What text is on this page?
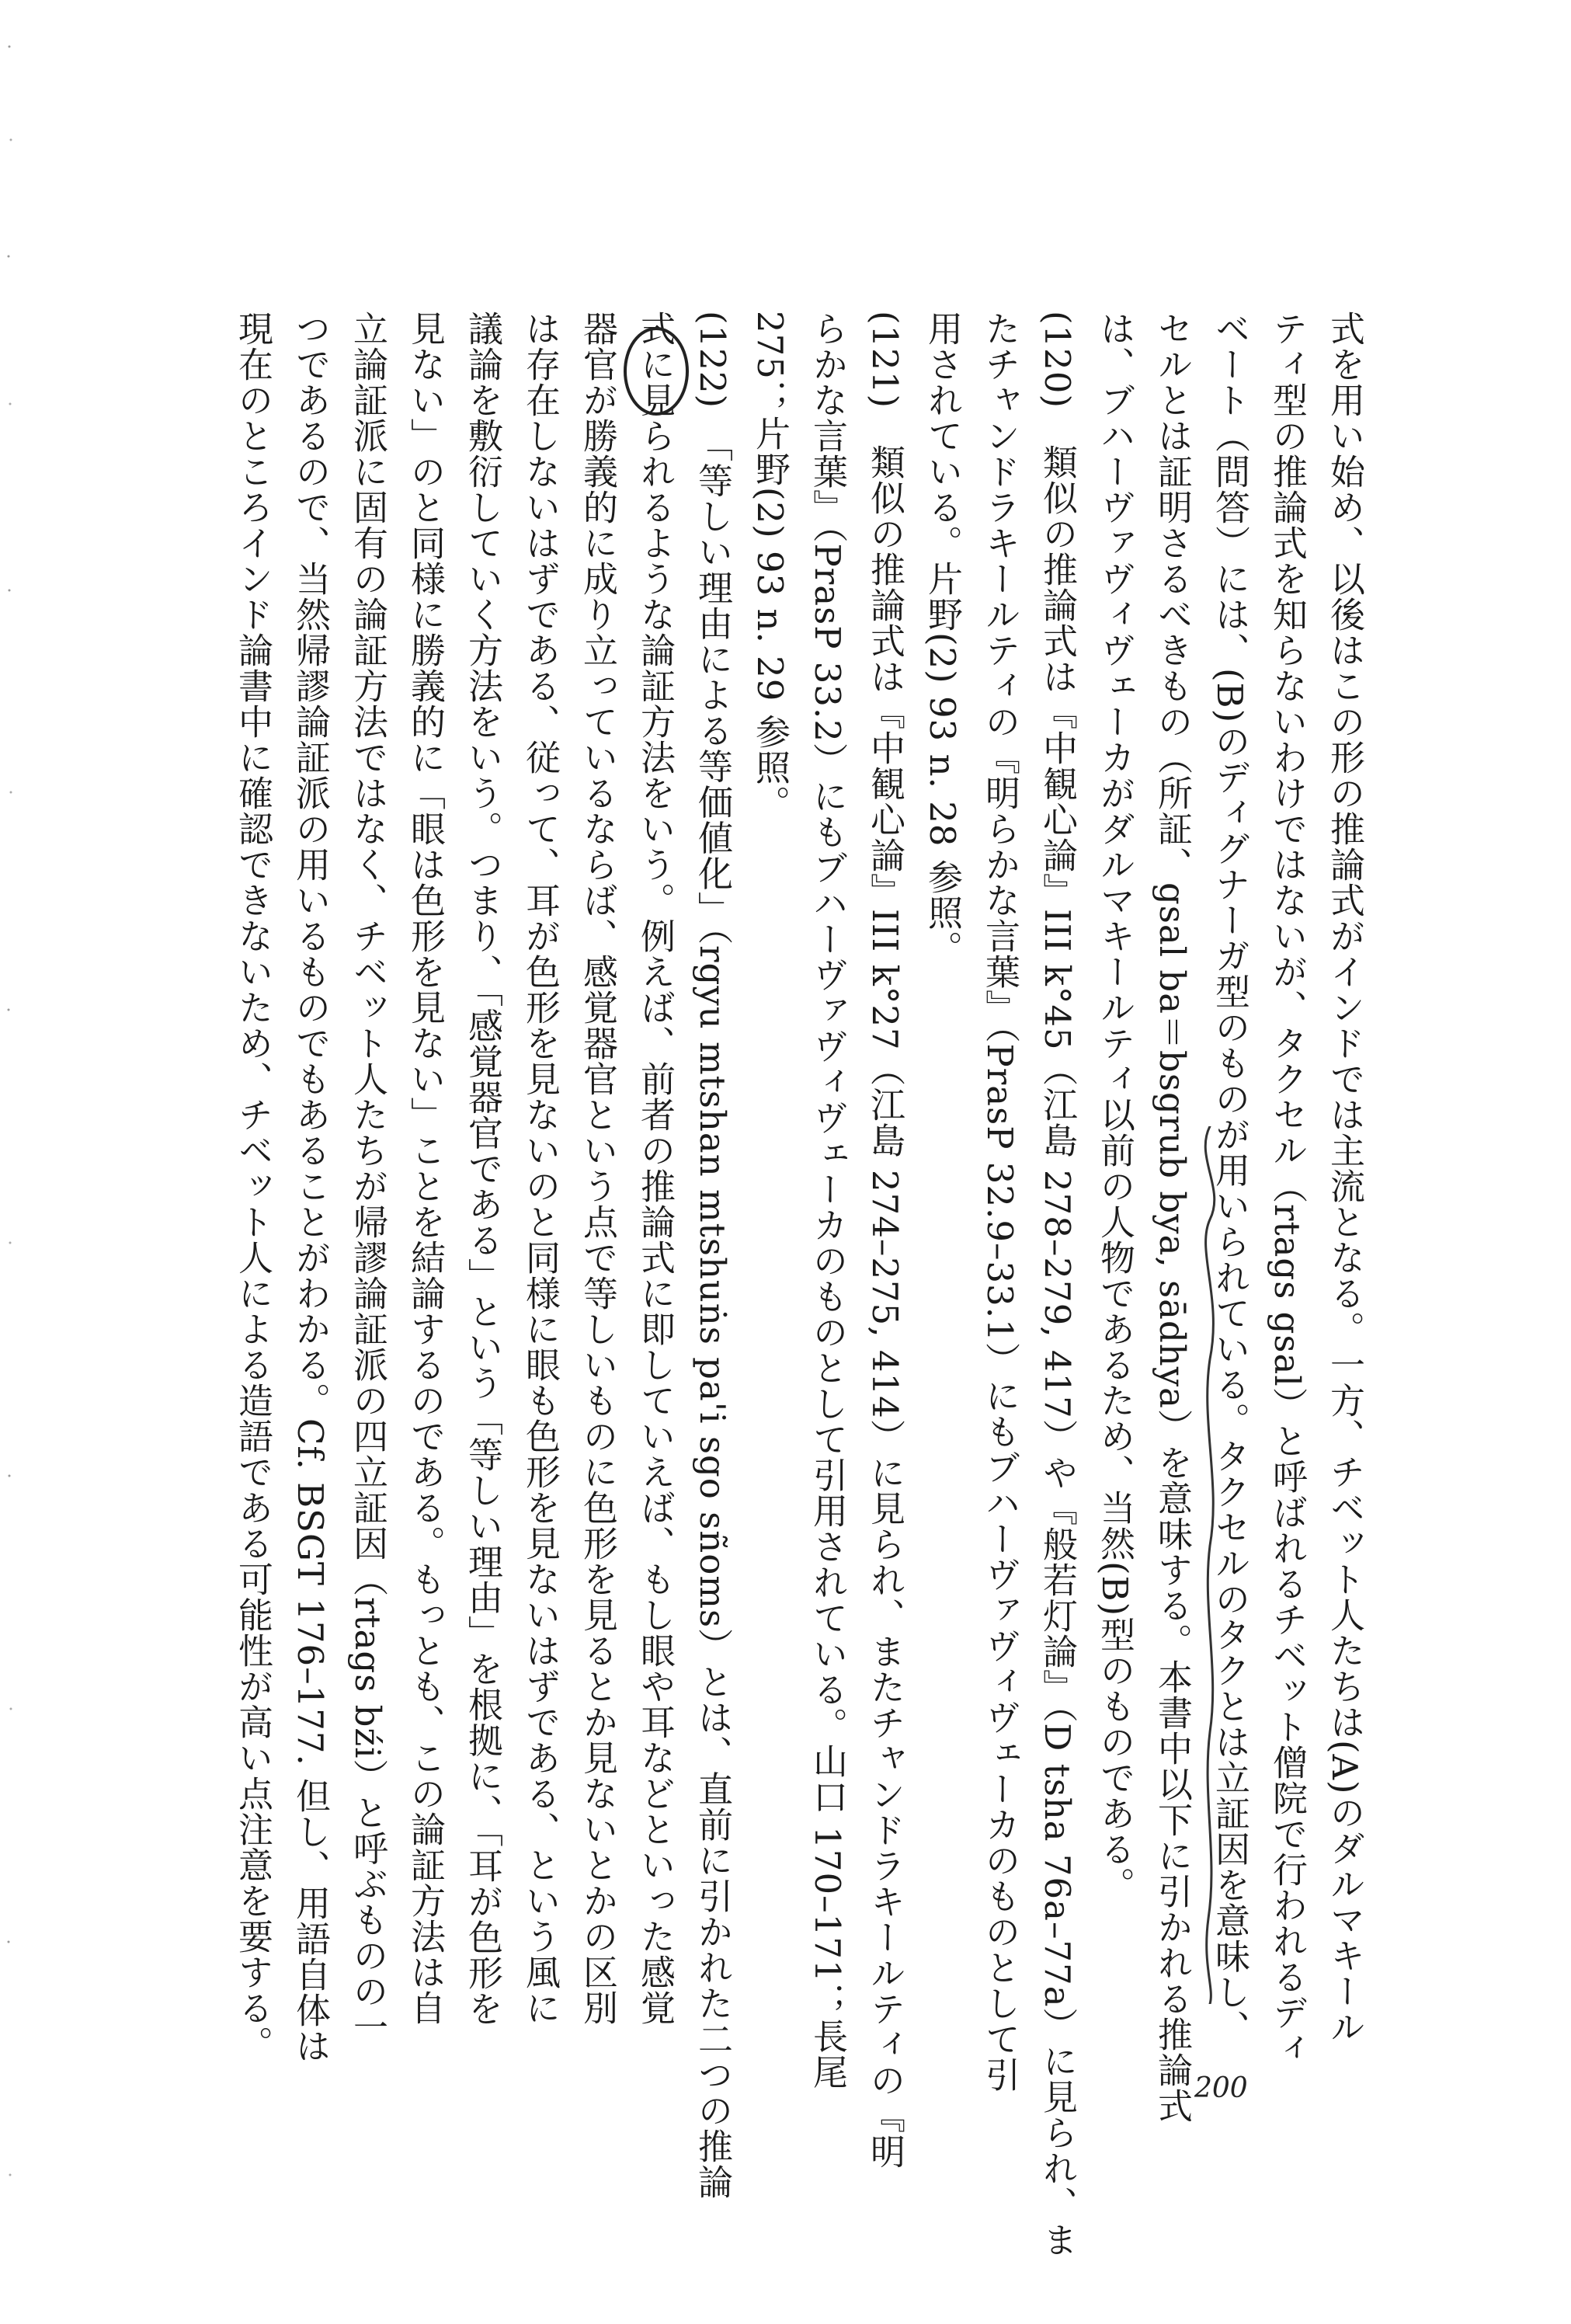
式を用い始め、以後はこの形の推論式がインドでは主流となる。一方、チベット人たちは(A)のダルマキール
ティ型の推論式を知らないわけではないが、タクセル（rtags gsal）と呼ばれるチベット僧院で行われるディ
ベート（問答）には、(B)のディグナーガ型のものが用いられている。タクセルのタクとは立証因を意味し、
セルとは証明さるべきもの（所証、gsal ba＝bsgrub bya, sādhya）を意味する。本書中以下に引かれる推論式
は、ブハーヴァヴィヴェーカがダルマキールティ以前の人物であるため、当然(B)型のものである。
(120)　類似の推論式は『中観心論』III k°45（江島 278–279, 417）や『般若灯論』（D tsha 76a–77a）に見られ、ま
たチャンドラキールティの『明らかな言葉』（PrasP 32.9–33.1）にもブハーヴァヴィヴェーカのものとして引
用されている。片野(2) 93 n. 28 参照。
(121)　類似の推論式は『中観心論』III k°27（江島 274–275, 414）に見られ、またチャンドラキールティの『明
らかな言葉』（PrasP 33.2）にもブハーヴァヴィヴェーカのものとして引用されている。山口 170–171；長尾
275；片野(2) 93 n. 29 参照。
(122)　「等しい理由による等価値化」（rgyu mtshan mtshuṅs pa'i sgo sñoms）とは、直前に引かれた二つの推論
式に見られるような論証方法をいう。例えば、前者の推論式に即していえば、もし眼や耳などといった感覚
器官が勝義的に成り立っているならば、感覚器官という点で等しいものに色形を見るとか見ないとかの区別
は存在しないはずである、従って、耳が色形を見ないのと同様に眼も色形を見ないはずである、という風に
議論を敷衍していく方法をいう。つまり、「感覚器官である」という「等しい理由」を根拠に、「耳が色形を
見ない」のと同様に勝義的に「眼は色形を見ない」ことを結論するのである。もっとも、この論証方法は自
立論証派に固有の論証方法ではなく、チベット人たちが帰謬論証派の四立証因（rtags bźi）と呼ぶものの一
つであるので、当然帰謬論証派の用いるものでもあることがわかる。Cf. BSGT 176–177. 但し、用語自体は
現在のところインド論書中に確認できないため、チベット人による造語である可能性が高い点注意を要する。
200
